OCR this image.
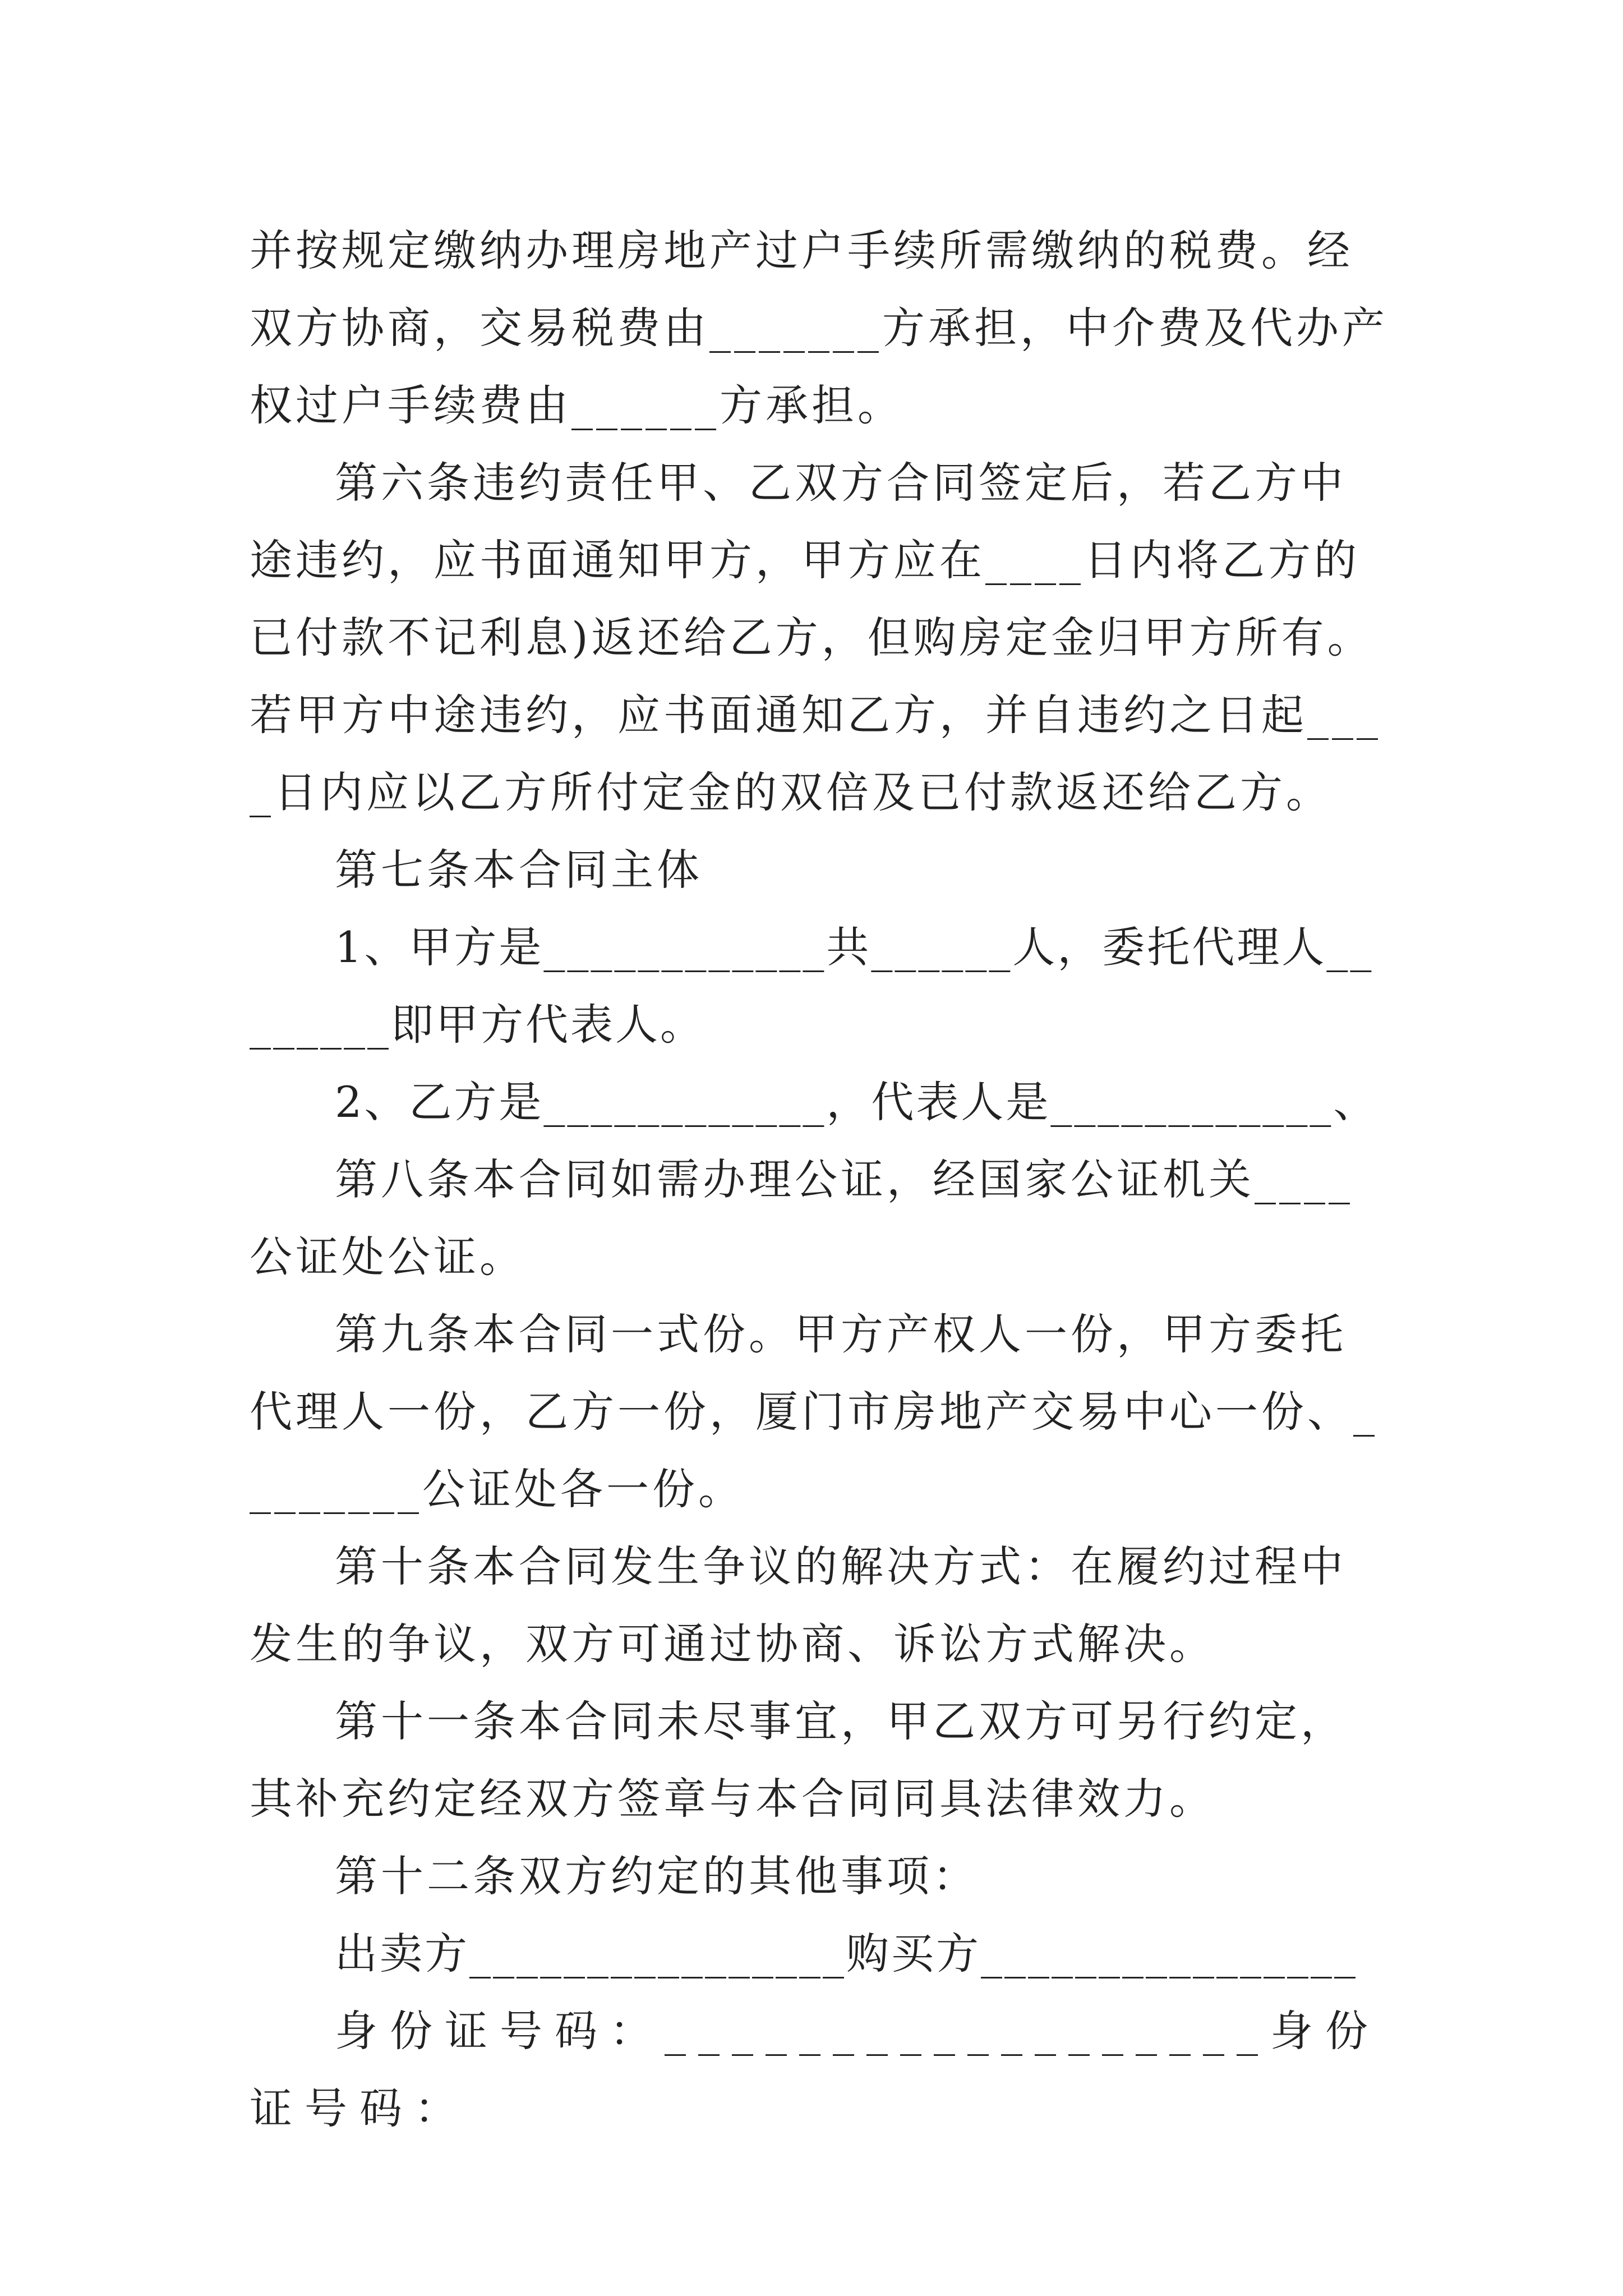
并按规定缴纳办理房地产过户手续所需缴纳的税费。经双方协商，交易税费由_______方承担，中介费及代办产权过户手续费由______方承担。

第六条违约责任甲、乙双方合同签定后，若乙方中途违约，应书面通知甲方，甲方应在____日内将乙方的已付款不记利息)返还给乙方，但购房定金归甲方所有。若甲方中途违约，应书面通知乙方，并自违约之日起____日内应以乙方所付定金的双倍及已付款返还给乙方。

第七条本合同主体

1、甲方是____________共______人，委托代理人________即甲方代表人。

2、乙方是____________，代表人是____________、

第八条本合同如需办理公证，经国家公证机关____公证处公证。

第九条本合同一式份。甲方产权人一份，甲方委托代理人一份，乙方一份，厦门市房地产交易中心一份、________公证处各一份。

第十条本合同发生争议的解决方式：在履约过程中发生的争议，双方可通过协商、诉讼方式解决。

第十一条本合同未尽事宜，甲乙双方可另行约定，其补充约定经双方签章与本合同同具法律效力。

第十二条双方约定的其他事项：

出卖方________________购买方________________

身份证号码：__________________身份证号码：
